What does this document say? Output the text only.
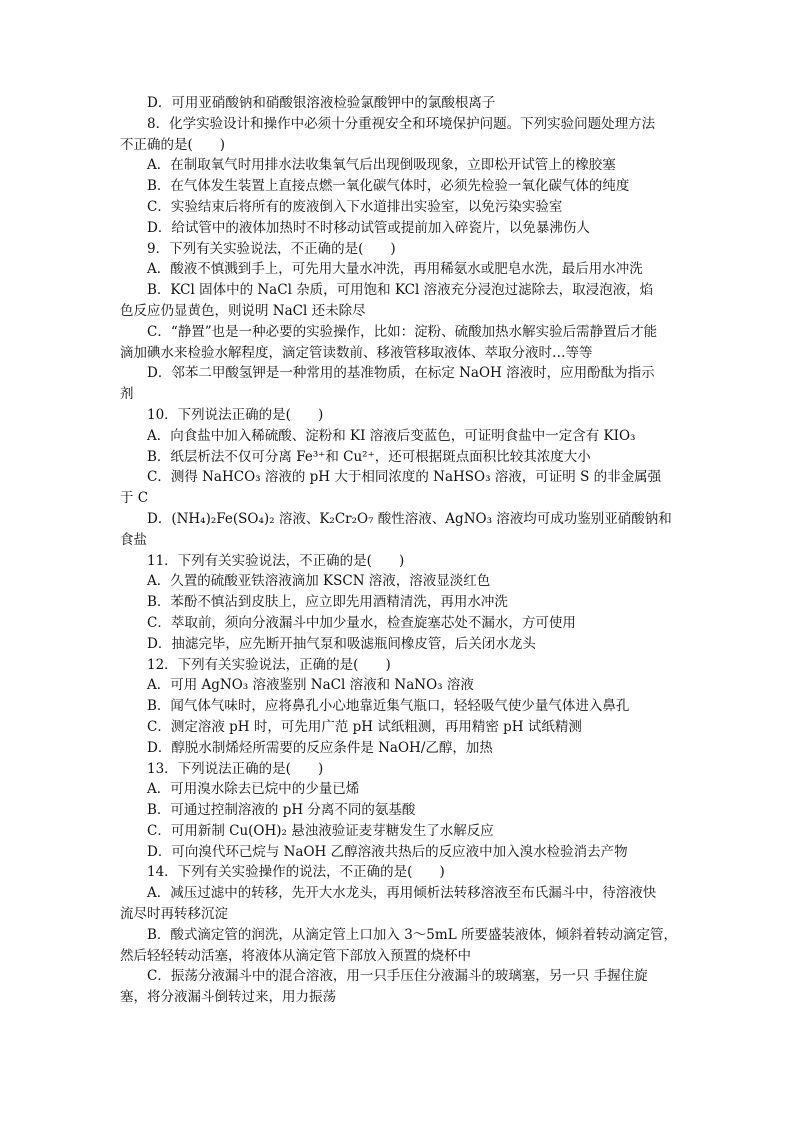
D．可用亚硝酸钠和硝酸银溶液检验氯酸钾中的氯酸根离子
8．化学实验设计和操作中必须十分重视安全和环境保护问题。下列实验问题处理方法
不正确的是(　　)
A．在制取氧气时用排水法收集氧气后出现倒吸现象，立即松开试管上的橡胶塞
B．在气体发生装置上直接点燃一氧化碳气体时，必须先检验一氧化碳气体的纯度
C．实验结束后将所有的废液倒入下水道排出实验室，以免污染实验室
D．给试管中的液体加热时不时移动试管或提前加入碎瓷片，以免暴沸伤人
9．下列有关实验说法，不正确的是(　　)
A．酸液不慎溅到手上，可先用大量水冲洗，再用稀氨水或肥皂水洗，最后用水冲洗
B．KCl 固体中的 NaCl 杂质，可用饱和 KCl 溶液充分浸泡过滤除去，取浸泡液，焰
色反应仍显黄色，则说明 NaCl 还未除尽
C．“静置”也是一种必要的实验操作，比如：淀粉、硫酸加热水解实验后需静置后才能
滴加碘水来检验水解程度，滴定管读数前、移液管移取液体、萃取分液时…等等
D．邻苯二甲酸氢钾是一种常用的基准物质，在标定 NaOH 溶液时，应用酚酞为指示
剂
10．下列说法正确的是(　　)
A．向食盐中加入稀硫酸、淀粉和 KI 溶液后变蓝色，可证明食盐中一定含有 KIO₃
B．纸层析法不仅可分离 Fe³⁺和 Cu²⁺，还可根据斑点面积比较其浓度大小
C．测得 NaHCO₃ 溶液的 pH 大于相同浓度的 NaHSO₃ 溶液，可证明 S 的非金属强
于 C
D．(NH₄)₂Fe(SO₄)₂ 溶液、K₂Cr₂O₇ 酸性溶液、AgNO₃ 溶液均可成功鉴别亚硝酸钠和
食盐
11．下列有关实验说法，不正确的是(　　)
A．久置的硫酸亚铁溶液滴加 KSCN 溶液，溶液显淡红色
B．苯酚不慎沾到皮肤上，应立即先用酒精清洗，再用水冲洗
C．萃取前，须向分液漏斗中加少量水，检查旋塞芯处不漏水，方可使用
D．抽滤完毕，应先断开抽气泵和吸滤瓶间橡皮管，后关闭水龙头
12．下列有关实验说法，正确的是(　　)
A．可用 AgNO₃ 溶液鉴别 NaCl 溶液和 NaNO₃ 溶液
B．闻气体气味时，应将鼻孔小心地靠近集气瓶口，轻轻吸气使少量气体进入鼻孔
C．测定溶液 pH 时，可先用广范 pH 试纸粗测，再用精密 pH 试纸精测
D．醇脱水制烯烃所需要的反应条件是 NaOH/乙醇，加热
13．下列说法正确的是(　　)
A．可用溴水除去已烷中的少量已烯
B．可通过控制溶液的 pH 分离不同的氨基酸
C．可用新制 Cu(OH)₂ 悬浊液验证麦芽糖发生了水解反应
D．可向溴代环己烷与 NaOH 乙醇溶液共热后的反应液中加入溴水检验消去产物
14．下列有关实验操作的说法，不正确的是(　　)
A．减压过滤中的转移，先开大水龙头，再用倾析法转移溶液至布氏漏斗中，待溶液快
流尽时再转移沉淀
B．酸式滴定管的润洗，从滴定管上口加入 3～5mL 所要盛装液体，倾斜着转动滴定管，
然后轻轻转动活塞，将液体从滴定管下部放入预置的烧杯中
C．振荡分液漏斗中的混合溶液，用一只手压住分液漏斗的玻璃塞，另一只 手握住旋
塞，将分液漏斗倒转过来，用力振荡
